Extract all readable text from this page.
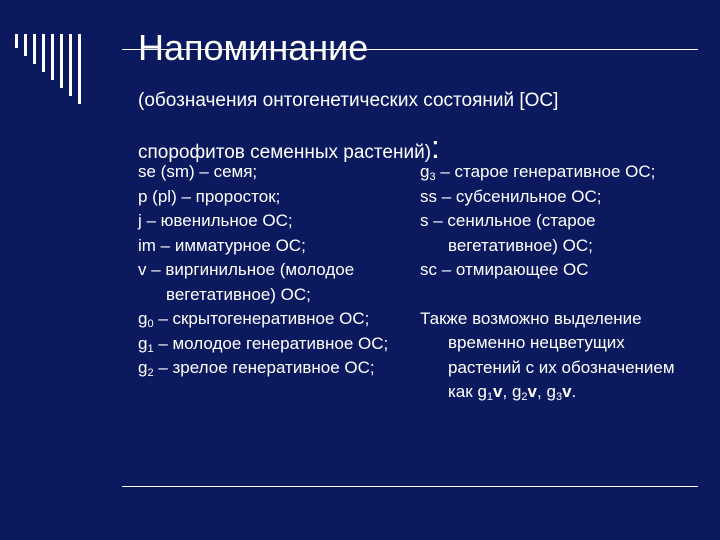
Напоминание
(обозначения онтогенетических состояний [ОС]
спорофитов семенных растений):
se (sm) – семя;
p (pl) – проросток;
j – ювенильное ОС;
im – имматурное ОС;
v – виргинильное (молодое вегетативное) ОС;
$g_0$ – скрытогенеративное ОС;
$g_1$ – молодое генеративное ОС;
$g_2$ – зрелое генеративное ОС;
$g_3$ – старое генеративное ОС;
ss – субсенильное ОС;
s – сенильное (старое вегетативное) ОС;
sc – отмирающее ОС
Также возможно выделение временно нецветущих растений с их обозначением как $g_1v$, $g_2v$, $g_3v$.
